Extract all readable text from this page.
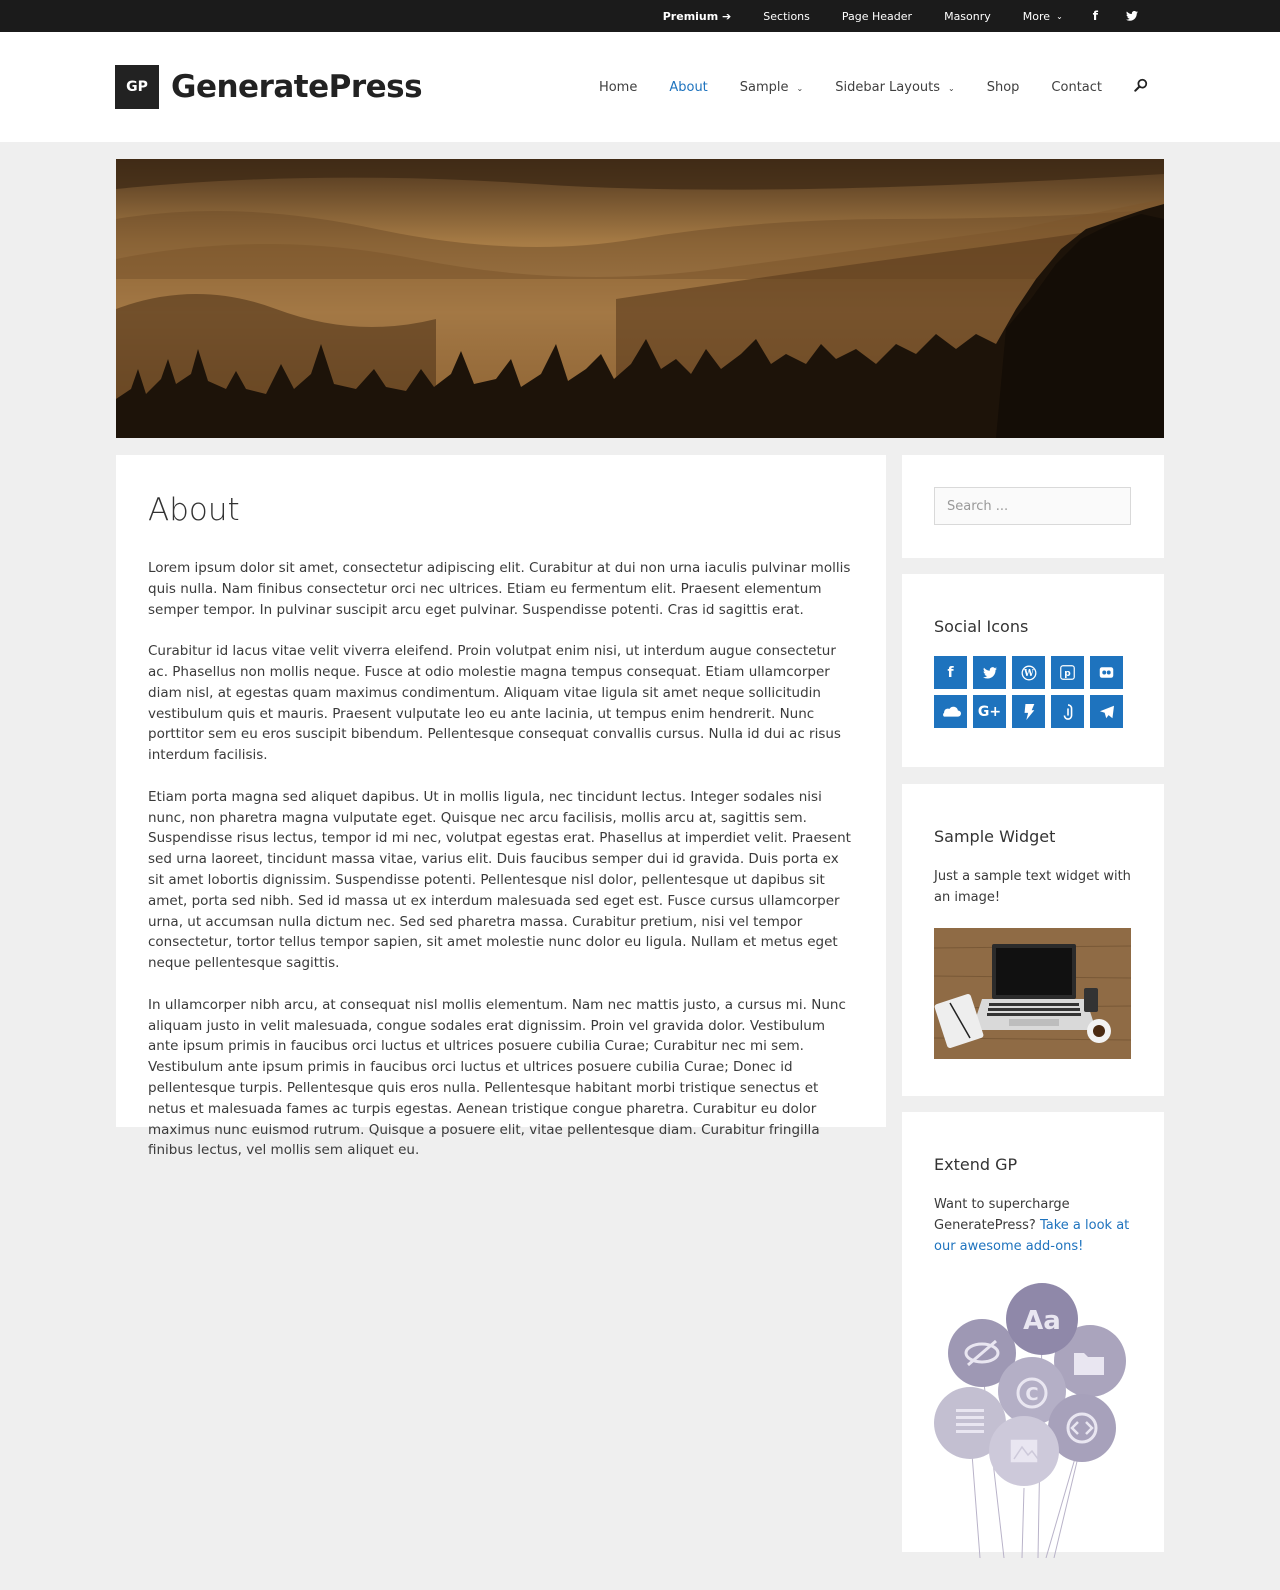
Premium ➔	Sections	Page Header	Masonry	More ⌄	f
GP GeneratePress	Home	About	Sample ⌄	Sidebar Layouts ⌄	Shop	Contact
About

Lorem ipsum dolor sit amet, consectetur adipiscing elit. Curabitur at dui non urna iaculis pulvinar mollis quis nulla. Nam finibus consectetur orci nec ultrices. Etiam eu fermentum elit. Praesent elementum semper tempor. In pulvinar suscipit arcu eget pulvinar. Suspendisse potenti. Cras id sagittis erat.

Curabitur id lacus vitae velit viverra eleifend. Proin volutpat enim nisi, ut interdum augue consectetur ac. Phasellus non mollis neque. Fusce at odio molestie magna tempus consequat. Etiam ullamcorper diam nisl, at egestas quam maximus condimentum. Aliquam vitae ligula sit amet neque sollicitudin vestibulum quis et mauris. Praesent vulputate leo eu ante lacinia, ut tempus enim hendrerit. Nunc porttitor sem eu eros suscipit bibendum. Pellentesque consequat convallis cursus. Nulla id dui ac risus interdum facilisis.

Etiam porta magna sed aliquet dapibus. Ut in mollis ligula, nec tincidunt lectus. Integer sodales nisi nunc, non pharetra magna vulputate eget. Quisque nec arcu facilisis, mollis arcu at, sagittis sem. Suspendisse risus lectus, tempor id mi nec, volutpat egestas erat. Phasellus at imperdiet velit. Praesent sed urna laoreet, tincidunt massa vitae, varius elit. Duis faucibus semper dui id gravida. Duis porta ex sit amet lobortis dignissim. Suspendisse potenti. Pellentesque nisl dolor, pellentesque ut dapibus sit amet, porta sed nibh. Sed id massa ut ex interdum malesuada sed eget est. Fusce cursus ullamcorper urna, ut accumsan nulla dictum nec. Sed sed pharetra massa. Curabitur pretium, nisi vel tempor consectetur, tortor tellus tempor sapien, sit amet molestie nunc dolor eu ligula. Nullam et metus eget neque pellentesque sagittis.

In ullamcorper nibh arcu, at consequat nisl mollis elementum. Nam nec mattis justo, a cursus mi. Nunc aliquam justo in velit malesuada, congue sodales erat dignissim. Proin vel gravida dolor. Vestibulum ante ipsum primis in faucibus orci luctus et ultrices posuere cubilia Curae; Curabitur nec mi sem. Vestibulum ante ipsum primis in faucibus orci luctus et ultrices posuere cubilia Curae; Donec id pellentesque turpis. Pellentesque quis eros nulla. Pellentesque habitant morbi tristique senectus et netus et malesuada fames ac turpis egestas. Aenean tristique congue pharetra. Curabitur eu dolor maximus nunc euismod rutrum. Quisque a posuere elit, vitae pellentesque diam. Curabitur fringilla finibus lectus, vel mollis sem aliquet eu.

Search ...
Social Icons
f	W	p
G+
Sample Widget

Just a sample text widget with an image!

Extend GP

Want to supercharge GeneratePress? Take a look at our awesome add-ons!

Aa
C
